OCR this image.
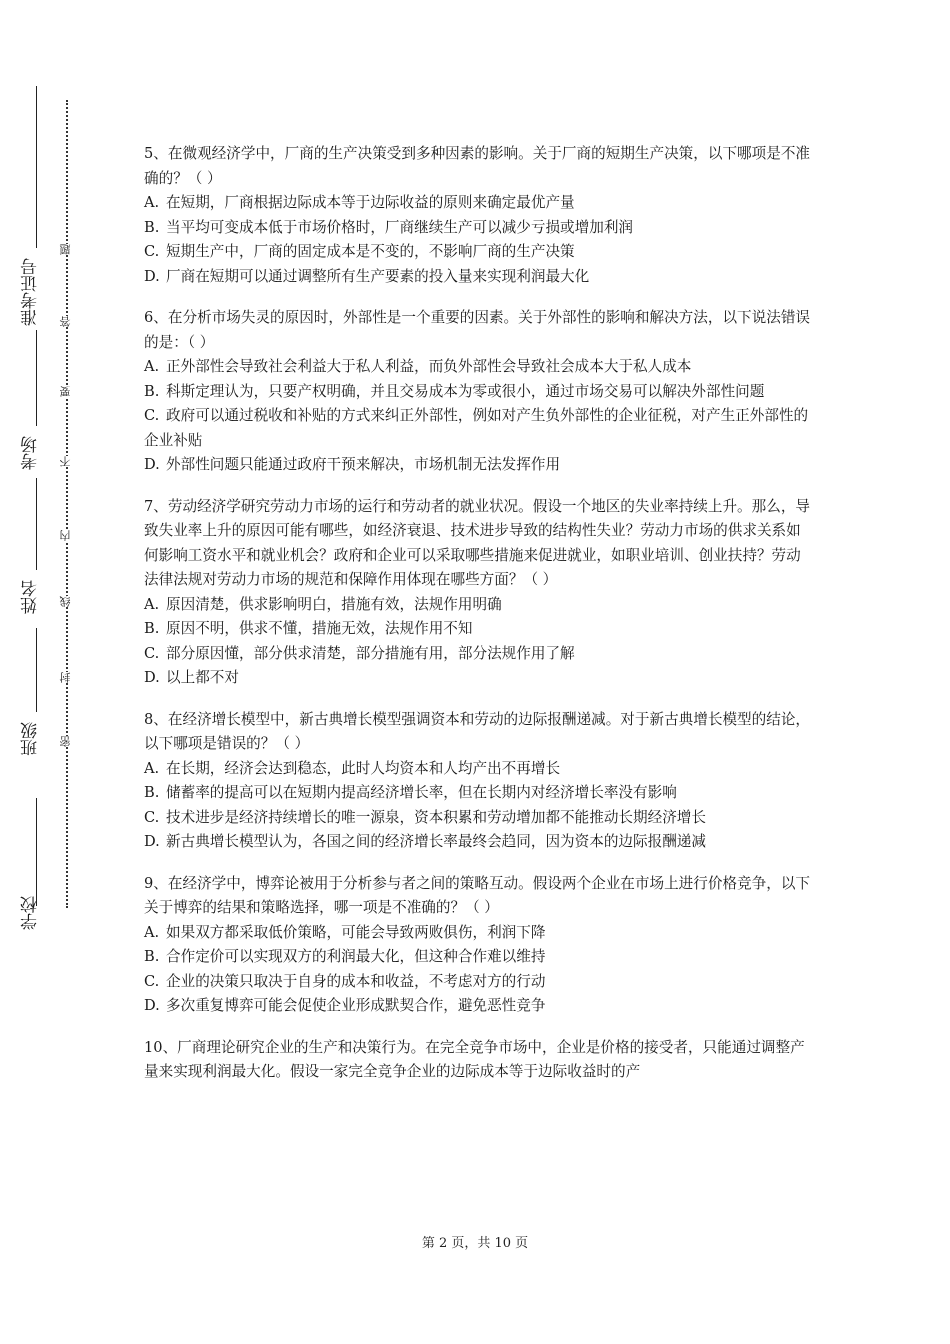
学校
班级
姓名
考场
准考证号
密
封
线
内
不
要
答
题

5、在微观经济学中，厂商的生产决策受到多种因素的影响。关于厂商的短期生产决策，以下哪项是不准确的？（ ）

A. 在短期，厂商根据边际成本等于边际收益的原则来确定最优产量

B. 当平均可变成本低于市场价格时，厂商继续生产可以减少亏损或增加利润

C. 短期生产中，厂商的固定成本是不变的，不影响厂商的生产决策

D. 厂商在短期可以通过调整所有生产要素的投入量来实现利润最大化

6、在分析市场失灵的原因时，外部性是一个重要的因素。关于外部性的影响和解决方法，以下说法错误的是：（ ）

A. 正外部性会导致社会利益大于私人利益，而负外部性会导致社会成本大于私人成本

B. 科斯定理认为，只要产权明确，并且交易成本为零或很小，通过市场交易可以解决外部性问题

C. 政府可以通过税收和补贴的方式来纠正外部性，例如对产生负外部性的企业征税，对产生正外部性的企业补贴

D. 外部性问题只能通过政府干预来解决，市场机制无法发挥作用

7、劳动经济学研究劳动力市场的运行和劳动者的就业状况。假设一个地区的失业率持续上升。那么，导致失业率上升的原因可能有哪些，如经济衰退、技术进步导致的结构性失业？劳动力市场的供求关系如何影响工资水平和就业机会？政府和企业可以采取哪些措施来促进就业，如职业培训、创业扶持？劳动法律法规对劳动力市场的规范和保障作用体现在哪些方面？（ ）

A. 原因清楚，供求影响明白，措施有效，法规作用明确

B. 原因不明，供求不懂，措施无效，法规作用不知

C. 部分原因懂，部分供求清楚，部分措施有用，部分法规作用了解

D. 以上都不对

8、在经济增长模型中，新古典增长模型强调资本和劳动的边际报酬递减。对于新古典增长模型的结论，以下哪项是错误的？（ ）

A. 在长期，经济会达到稳态，此时人均资本和人均产出不再增长

B. 储蓄率的提高可以在短期内提高经济增长率，但在长期内对经济增长率没有影响

C. 技术进步是经济持续增长的唯一源泉，资本积累和劳动增加都不能推动长期经济增长

D. 新古典增长模型认为，各国之间的经济增长率最终会趋同，因为资本的边际报酬递减

9、在经济学中，博弈论被用于分析参与者之间的策略互动。假设两个企业在市场上进行价格竞争，以下关于博弈的结果和策略选择，哪一项是不准确的？（ ）

A. 如果双方都采取低价策略，可能会导致两败俱伤，利润下降

B. 合作定价可以实现双方的利润最大化，但这种合作难以维持

C. 企业的决策只取决于自身的成本和收益，不考虑对方的行动

D. 多次重复博弈可能会促使企业形成默契合作，避免恶性竞争

10、厂商理论研究企业的生产和决策行为。在完全竞争市场中，企业是价格的接受者，只能通过调整产量来实现利润最大化。假设一家完全竞争企业的边际成本等于边际收益时的产

第 2 页，共 10 页
